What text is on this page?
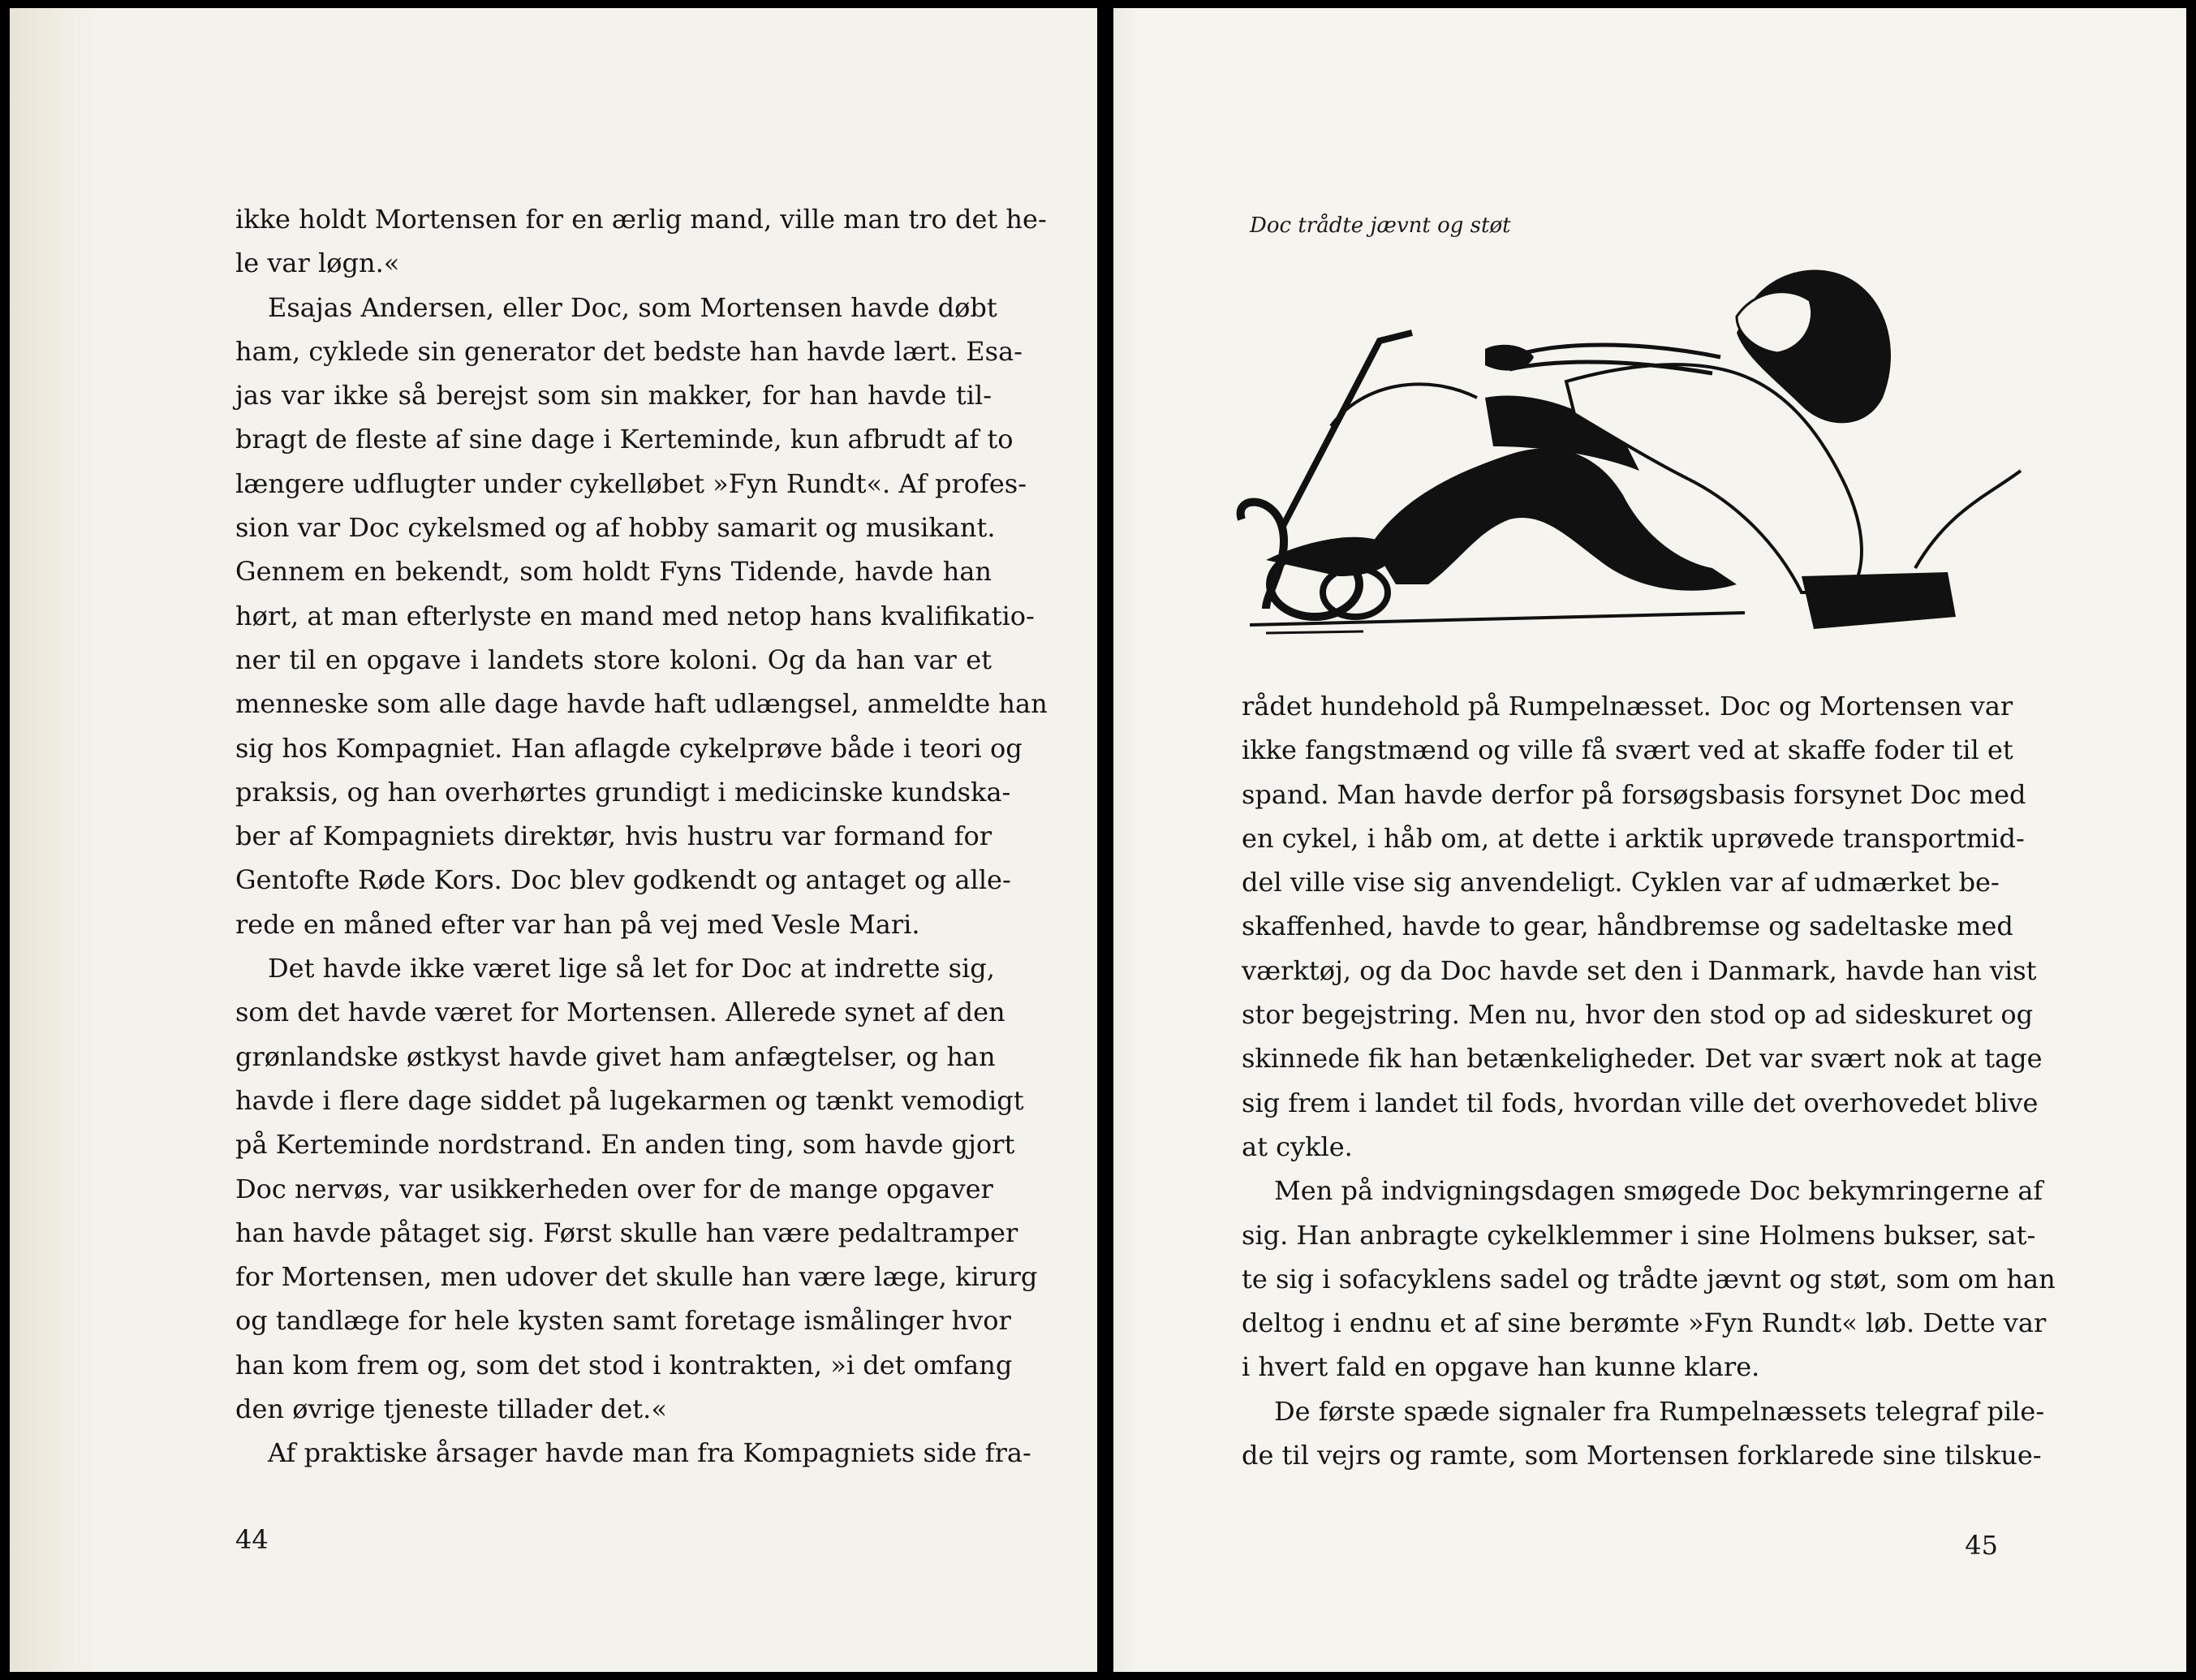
ikke holdt Mortensen for en ærlig mand, ville man tro det he-
le var løgn.«
Esajas Andersen, eller Doc, som Mortensen havde døbt
ham, cyklede sin generator det bedste han havde lært. Esa-
jas var ikke så berejst som sin makker, for han havde til-
bragt de fleste af sine dage i Kerteminde, kun afbrudt af to
længere udflugter under cykelløbet »Fyn Rundt«. Af profes-
sion var Doc cykelsmed og af hobby samarit og musikant.
Gennem en bekendt, som holdt Fyns Tidende, havde han
hørt, at man efterlyste en mand med netop hans kvalifikatio-
ner til en opgave i landets store koloni. Og da han var et
menneske som alle dage havde haft udlængsel, anmeldte han
sig hos Kompagniet. Han aflagde cykelprøve både i teori og
praksis, og han overhørtes grundigt i medicinske kundska-
ber af Kompagniets direktør, hvis hustru var formand for
Gentofte Røde Kors. Doc blev godkendt og antaget og alle-
rede en måned efter var han på vej med Vesle Mari.
Det havde ikke været lige så let for Doc at indrette sig,
som det havde været for Mortensen. Allerede synet af den
grønlandske østkyst havde givet ham anfægtelser, og han
havde i flere dage siddet på lugekarmen og tænkt vemodigt
på Kerteminde nordstrand. En anden ting, som havde gjort
Doc nervøs, var usikkerheden over for de mange opgaver
han havde påtaget sig. Først skulle han være pedaltramper
for Mortensen, men udover det skulle han være læge, kirurg
og tandlæge for hele kysten samt foretage ismålinger hvor
han kom frem og, som det stod i kontrakten, »i det omfang
den øvrige tjeneste tillader det.«
Af praktiske årsager havde man fra Kompagniets side fra-
44
Doc trådte jævnt og støt
rådet hundehold på Rumpelnæsset. Doc og Mortensen var
ikke fangstmænd og ville få svært ved at skaffe foder til et
spand. Man havde derfor på forsøgsbasis forsynet Doc med
en cykel, i håb om, at dette i arktik uprøvede transportmid-
del ville vise sig anvendeligt. Cyklen var af udmærket be-
skaffenhed, havde to gear, håndbremse og sadeltaske med
værktøj, og da Doc havde set den i Danmark, havde han vist
stor begejstring. Men nu, hvor den stod op ad sideskuret og
skinnede fik han betænkeligheder. Det var svært nok at tage
sig frem i landet til fods, hvordan ville det overhovedet blive
at cykle.
Men på indvigningsdagen smøgede Doc bekymringerne af
sig. Han anbragte cykelklemmer i sine Holmens bukser, sat-
te sig i sofacyklens sadel og trådte jævnt og støt, som om han
deltog i endnu et af sine berømte »Fyn Rundt« løb. Dette var
i hvert fald en opgave han kunne klare.
De første spæde signaler fra Rumpelnæssets telegraf pile-
de til vejrs og ramte, som Mortensen forklarede sine tilskue-
45
